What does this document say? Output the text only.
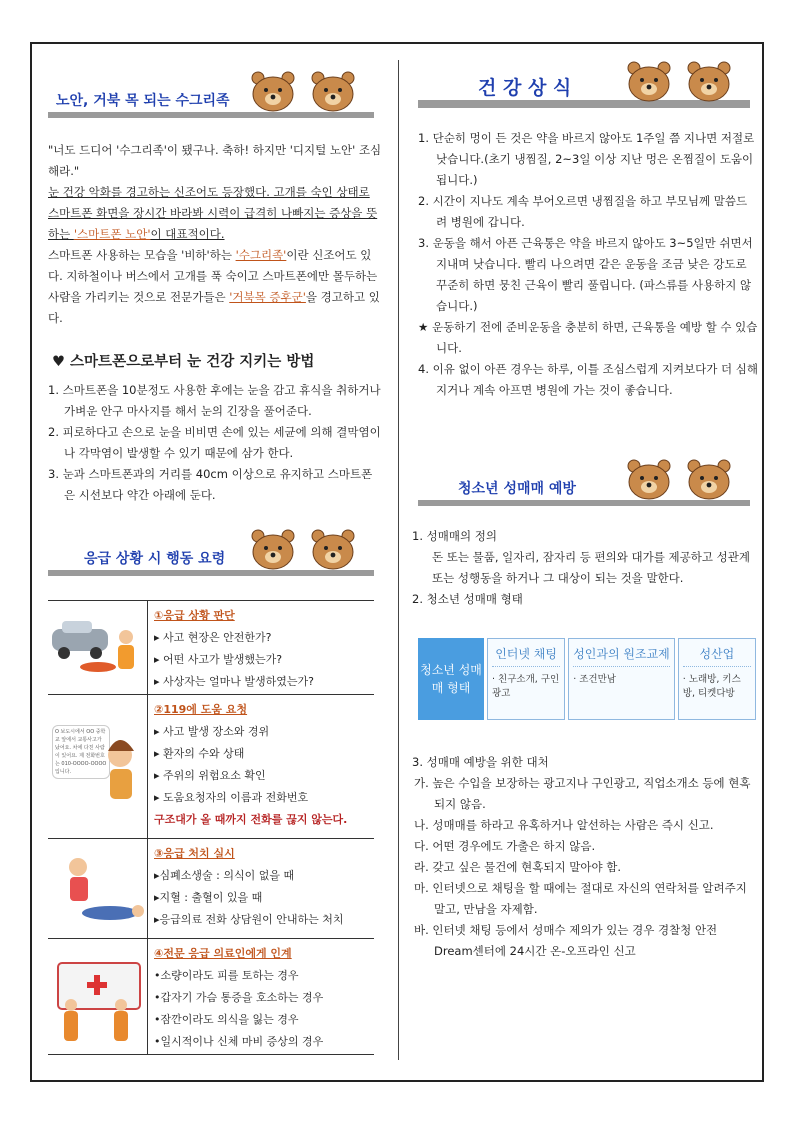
노안, 거북 목 되는 수그리족
"너도 드디어 '수그리족'이 됐구나. 축하! 하지만 '디지털 노안' 조심해라."
눈 건강 악화를 경고하는 신조어도 등장했다. 고개를 숙인 상태로 스마트폰 화면을 장시간 바라봐 시력이 급격히 나빠지는 증상을 뜻하는 '스마트폰 노안'이 대표적이다.
스마트폰 사용하는 모습을 '비하'하는 '수그리족'이란 신조어도 있다. 지하철이나 버스에서 고개를 푹 숙이고 스마트폰에만 몰두하는 사람을 가리키는 것으로 전문가들은 '거북목 증후군'을 경고하고 있다.
♥ 스마트폰으로부터 눈 건강 지키는 방법
1. 스마트폰을 10분정도 사용한 후에는 눈을 감고 휴식을 취하거나 가벼운 안구 마사지를 해서 눈의 긴장을 풀어준다.
2. 피로하다고 손으로 눈을 비비면 손에 있는 세균에 의해 결막염이나 각막염이 발생할 수 있기 때문에 삼가 한다.
3. 눈과 스마트폰과의 거리를 40cm 이상으로 유지하고 스마트폰은 시선보다 약간 아래에 둔다.
응급 상황 시 행동 요령
①응급 상황 판단
▸ 사고 현장은 안전한가?
▸ 어떤 사고가 발생했는가?
▸ 사상자는 얼마나 발생하였는가?
O 보도시에서 OO 중학교 앞에서 교통사고가 났어요. 차에 다친 사람이 있어요. 제 전화번호는 010-OOOO-OOOO 입니다.
②119에 도움 요청
▸ 사고 발생 장소와 경위
▸ 환자의 수와 상태
▸ 주위의 위험요소 확인
▸ 도움요청자의 이름과 전화번호
구조대가 올 때까지 전화를 끊지 않는다.
③응급 처치 실시
▸심폐소생술 : 의식이 없을 때
▸지혈 : 출혈이 있을 때
▸응급의료 전화 상담원이 안내하는 처치
④전문 응급 의료인에게 인계
•소량이라도 피를 토하는 경우
•갑자기 가슴 통증을 호소하는 경우
•잠깐이라도 의식을 잃는 경우
•일시적이나 신체 마비 증상의 경우
건 강 상 식
1. 단순히 멍이 든 것은 약을 바르지 않아도 1주일 쯤 지나면 저절로 낫습니다.(초기 냉찜질, 2~3일 이상 지난 멍은 온찜질이 도움이 됩니다.)
2. 시간이 지나도 계속 부어오르면 냉찜질을 하고 부모님께 말씀드려 병원에 갑니다.
3. 운동을 해서 아픈 근육통은 약을 바르지 않아도 3~5일만 쉬면서 지내며 낫습니다. 빨리 나으려면 같은 운동을 조금 낮은 강도로 꾸준히 하면 뭉친 근육이 빨리 풀립니다. (파스류를 사용하지 않습니다.)
★ 운동하기 전에 준비운동을 충분히 하면, 근육통을 예방 할 수 있습니다.
4. 이유 없이 아픈 경우는 하루, 이틀 조심스럽게 지켜보다가 더 심해지거나 계속 아프면 병원에 가는 것이 좋습니다.
청소년 성매매 예방
1. 성매매의 정의
돈 또는 물품, 일자리, 잠자리 등 편의와 대가를 제공하고 성관계 또는 성행동을 하거나 그 대상이 되는 것을 말한다.
2. 청소년 성매매 형태
청소년 성매매 형태
인터넷 채팅
· 친구소개, 구인광고
성인과의 원조교제
· 조건만남
성산업
· 노래방, 키스방, 티켓다방
3. 성매매 예방을 위한 대처
가. 높은 수입을 보장하는 광고지나 구인광고, 직업소개소 등에 현혹되지 않음.
나. 성매매를 하라고 유혹하거나 알선하는 사람은 즉시 신고.
다. 어떤 경우에도 가출은 하지 않음.
라. 갖고 싶은 물건에 현혹되지 말아야 함.
마. 인터넷으로 채팅을 할 때에는 절대로 자신의 연락처를 알려주지 말고, 만남을 자제함.
바. 인터넷 채팅 등에서 성매수 제의가 있는 경우 경찰청 안전 Dream센터에 24시간 온-오프라인 신고
